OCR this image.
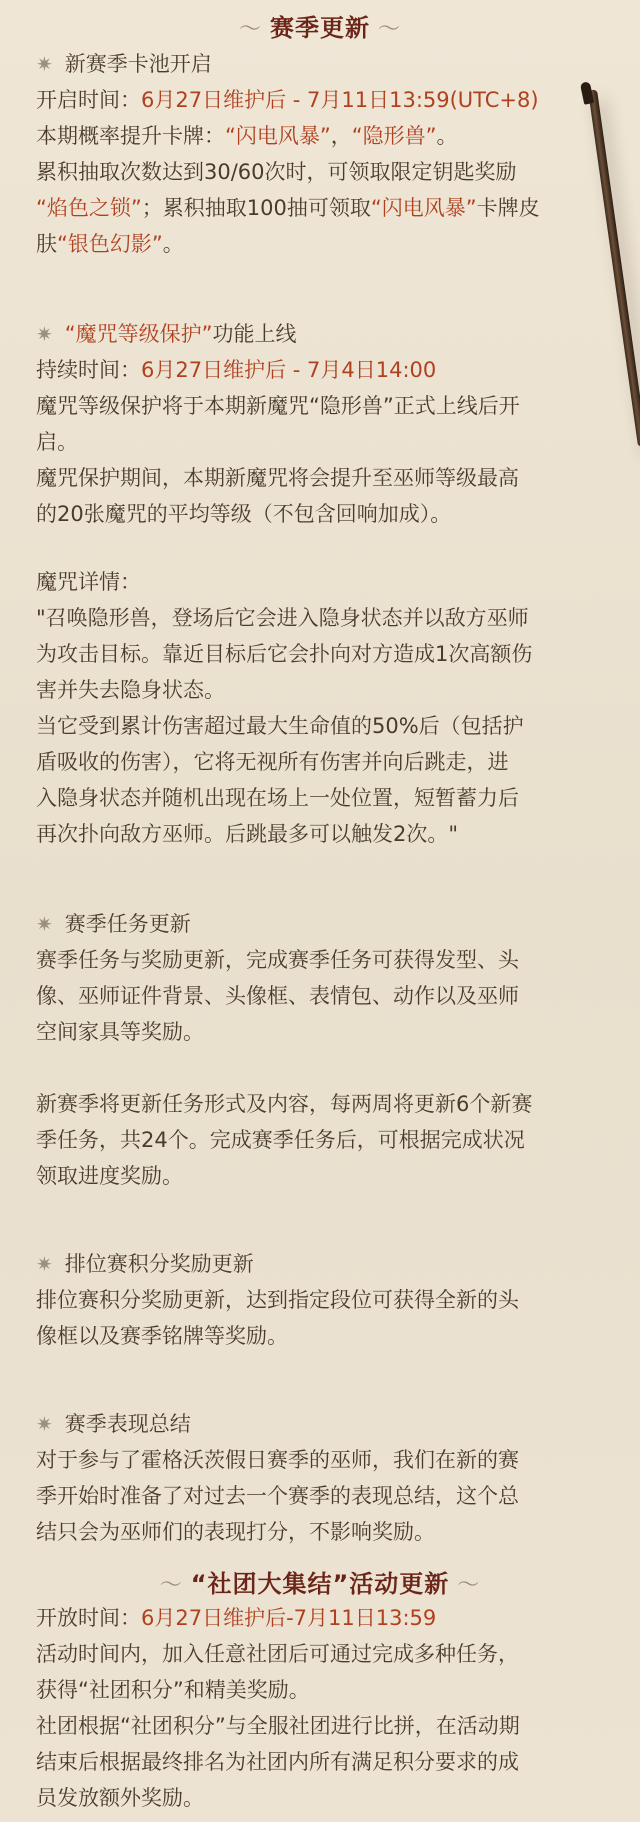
〜 赛季更新 〜
✷ 新赛季卡池开启
开启时间：6月27日维护后 - 7月11日13:59(UTC+8)
本期概率提升卡牌：“闪电风暴”，“隐形兽”。
累积抽取次数达到30/60次时，可领取限定钥匙奖励
“焰色之锁”；累积抽取100抽可领取“闪电风暴”卡牌皮
肤“银色幻影”。
✷ “魔咒等级保护”功能上线
持续时间：6月27日维护后 - 7月4日14:00
魔咒等级保护将于本期新魔咒“隐形兽”正式上线后开
启。
魔咒保护期间，本期新魔咒将会提升至巫师等级最高
的20张魔咒的平均等级（不包含回响加成）。
魔咒详情：
"召唤隐形兽，登场后它会进入隐身状态并以敌方巫师
为攻击目标。靠近目标后它会扑向对方造成1次高额伤
害并失去隐身状态。
当它受到累计伤害超过最大生命值的50%后（包括护
盾吸收的伤害），它将无视所有伤害并向后跳走，进
入隐身状态并随机出现在场上一处位置，短暂蓄力后
再次扑向敌方巫师。后跳最多可以触发2次。"
✷ 赛季任务更新
赛季任务与奖励更新，完成赛季任务可获得发型、头
像、巫师证件背景、头像框、表情包、动作以及巫师
空间家具等奖励。
新赛季将更新任务形式及内容，每两周将更新6个新赛
季任务，共24个。完成赛季任务后，可根据完成状况
领取进度奖励。
✷ 排位赛积分奖励更新
排位赛积分奖励更新，达到指定段位可获得全新的头
像框以及赛季铭牌等奖励。
✷ 赛季表现总结
对于参与了霍格沃茨假日赛季的巫师，我们在新的赛
季开始时准备了对过去一个赛季的表现总结，这个总
结只会为巫师们的表现打分，不影响奖励。
〜 “社团大集结”活动更新 〜
开放时间：6月27日维护后-7月11日13:59
活动时间内，加入任意社团后可通过完成多种任务，
获得“社团积分”和精美奖励。
社团根据“社团积分”与全服社团进行比拼，在活动期
结束后根据最终排名为社团内所有满足积分要求的成
员发放额外奖励。
